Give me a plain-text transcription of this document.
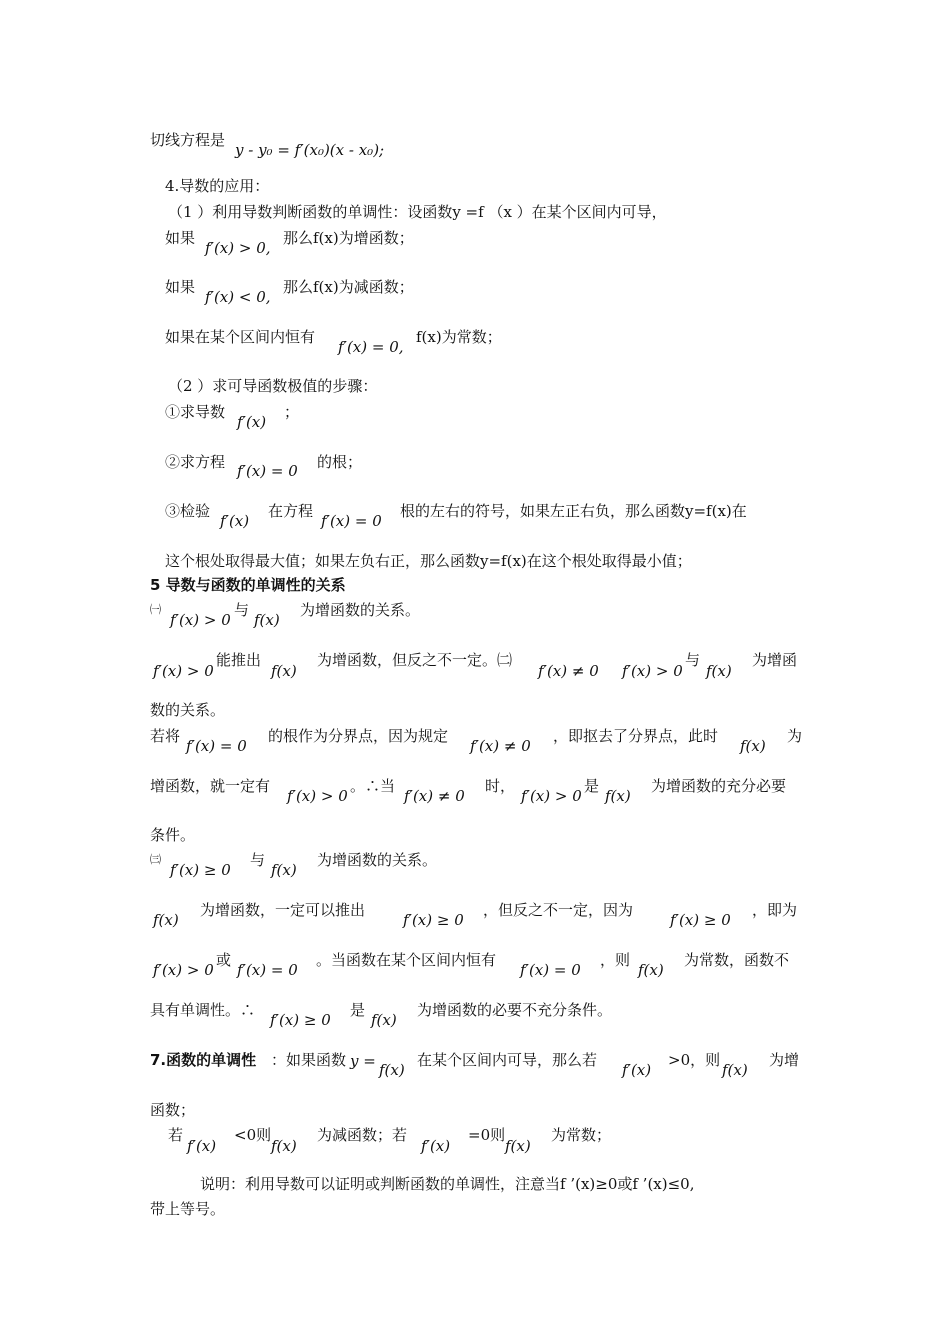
切线方程是
y - y₀ = f′(x₀)(x - x₀);
4.导数的应用：
（1 ）利用导数判断函数的单调性：设函数y =f （x ）在某个区间内可导，
如果
f′(x) > 0,
那么f(x)为增函数；
如果
f′(x) < 0,
那么f(x)为减函数；
如果在某个区间内恒有
f′(x) = 0,
f(x)为常数；
（2 ）求可导函数极值的步骤：
①求导数
f′(x)
；
②求方程 f′(x) = 0 的根；
③检验
f′(x)
在方程
f′(x) = 0
根的左右的符号，如果左正右负，那么函数y=f(x)在
这个根处取得最大值；如果左负右正，那么函数y=f(x)在这个根处取得最小值；
5 导数与函数的单调性的关系
㈠
f′(x) > 0
与
f(x)
为增函数的关系。
f′(x) > 0
能推出
f(x)
为增函数，但反之不一定。㈡
f′(x) ≠ 0 f′(x) > 0
与
f(x)
为增函
数的关系。
若将
f′(x) = 0
的根作为分界点，因为规定
f′(x) ≠ 0
，即抠去了分界点，此时
f(x)
为
增函数，就一定有
f′(x) > 0
。∴当
f′(x) ≠ 0
时，
f′(x) > 0
是
f(x)
为增函数的充分必要
条件。
㈢
f′(x) ≥ 0
与
f(x)
为增函数的关系。
f(x)
为增函数，一定可以推出
f′(x) ≥ 0
，但反之不一定，因为
f′(x) ≥ 0
，即为
f′(x) > 0
或
f′(x) = 0
。当函数在某个区间内恒有
f′(x) = 0
，则
f(x)
为常数，函数不
具有单调性。∴
f′(x) ≥ 0
是
f(x)
为增函数的必要不充分条件。
7.函数的单调性 ：如果函数 y = f(x)
在某个区间内可导，那么若
f′(x)
>0，则
f(x)
为增
函数；
若
f′(x)
<0则
f(x)
为减函数；若
f′(x)
=0则
f(x)
为常数；
说明：利用导数可以证明或判断函数的单调性，注意当f ’(x)≥0或f ’(x)≤0,
带上等号。
